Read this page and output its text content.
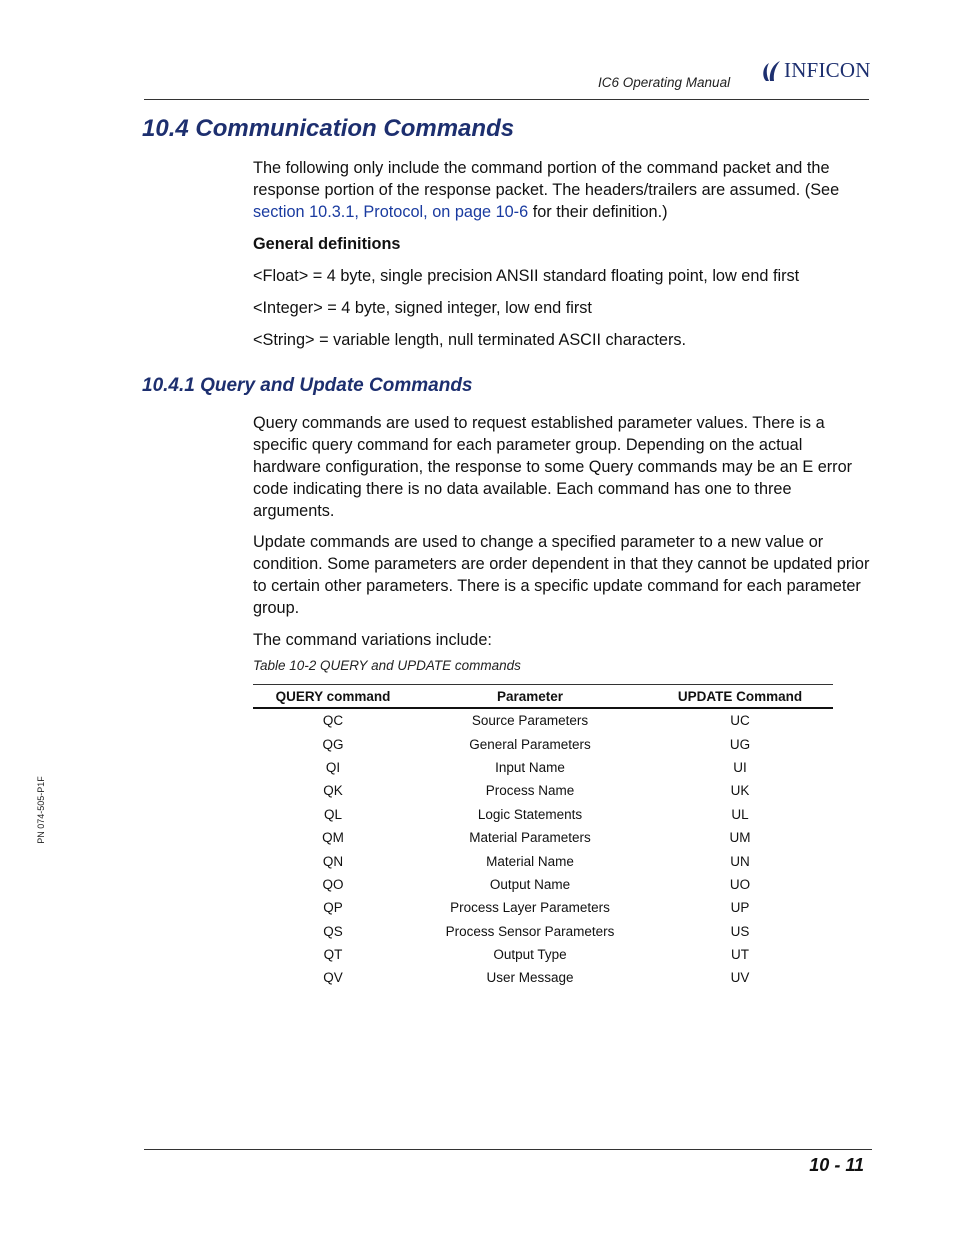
IC6 Operating Manual
INFICON
10.4 Communication Commands

The following only include the command portion of the command packet and the response portion of the response packet. The headers/trailers are assumed. (See section 10.3.1, Protocol, on page 10-6 for their definition.)

General definitions
<Float> = 4 byte, single precision ANSII standard floating point, low end first
<Integer> = 4 byte, signed integer, low end first
<String> = variable length, null terminated ASCII characters.
10.4.1 Query and Update Commands

Query commands are used to request established parameter values. There is a specific query command for each parameter group. Depending on the actual hardware configuration, the response to some Query commands may be an E error code indicating there is no data available. Each command has one to three arguments.

Update commands are used to change a specified parameter to a new value or condition. Some parameters are order dependent in that they cannot be updated prior to certain other parameters. There is a specific update command for each parameter group.

The command variations include:

Table 10-2 QUERY and UPDATE commands
QUERY command	Parameter	UPDATE Command
QC	Source Parameters	UC
QG	General Parameters	UG
QI	Input Name	UI
QK	Process Name	UK
QL	Logic Statements	UL
QM	Material Parameters	UM
QN	Material Name	UN
QO	Output Name	UO
QP	Process Layer Parameters	UP
QS	Process Sensor Parameters	US
QT	Output Type	UT
QV	User Message	UV
PN 074-505-P1F
10 - 11
